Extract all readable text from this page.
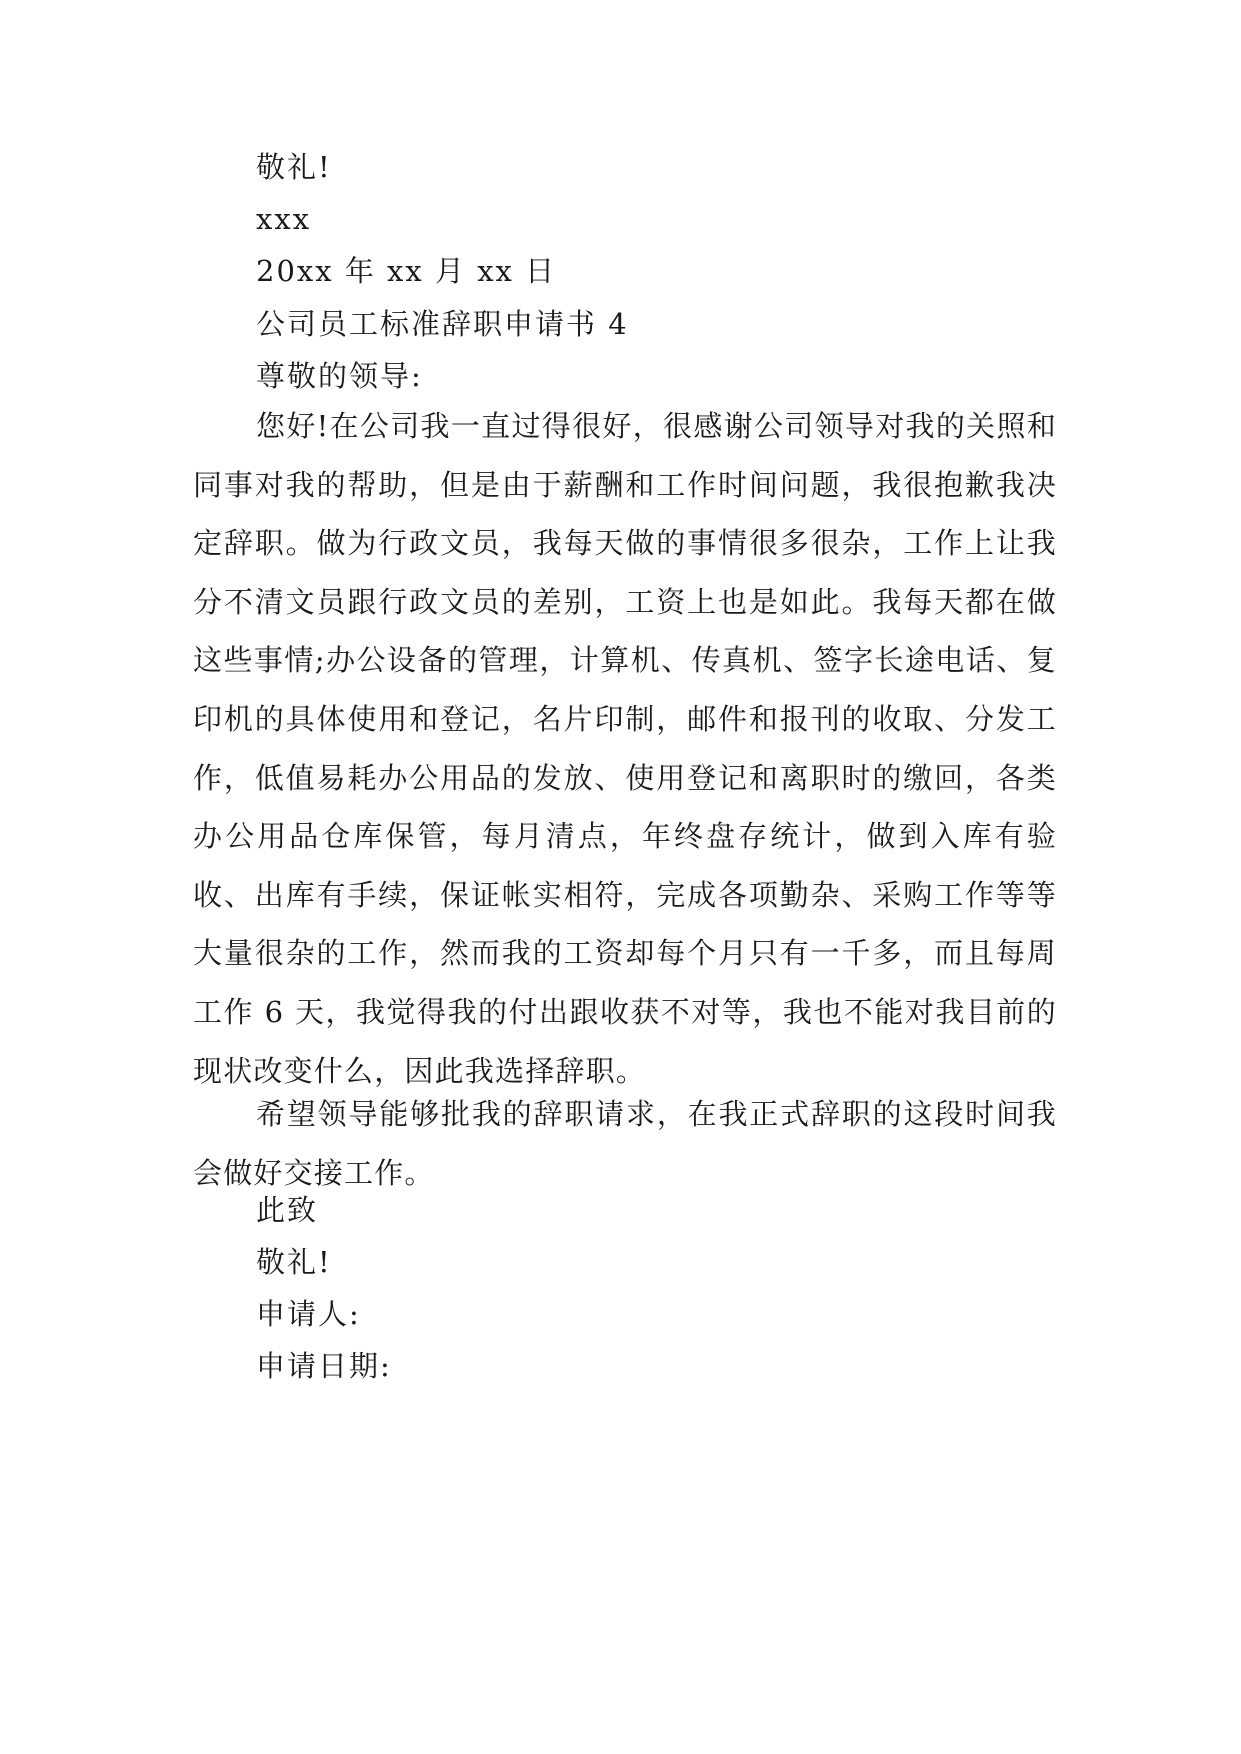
敬礼!
xxx
20xx 年 xx 月 xx 日
公司员工标准辞职申请书 4
尊敬的领导:

您好!在公司我一直过得很好，很感谢公司领导对我的关照和同事对我的帮助，但是由于薪酬和工作时间问题，我很抱歉我决定辞职。做为行政文员，我每天做的事情很多很杂，工作上让我分不清文员跟行政文员的差别，工资上也是如此。我每天都在做这些事情;办公设备的管理，计算机、传真机、签字长途电话、复印机的具体使用和登记，名片印制，邮件和报刊的收取、分发工作，低值易耗办公用品的发放、使用登记和离职时的缴回，各类办公用品仓库保管，每月清点，年终盘存统计，做到入库有验收、出库有手续，保证帐实相符，完成各项勤杂、采购工作等等大量很杂的工作，然而我的工资却每个月只有一千多，而且每周工作 6 天，我觉得我的付出跟收获不对等，我也不能对我目前的现状改变什么，因此我选择辞职。

希望领导能够批我的辞职请求，在我正式辞职的这段时间我会做好交接工作。

此致
敬礼!
申请人:
申请日期:
